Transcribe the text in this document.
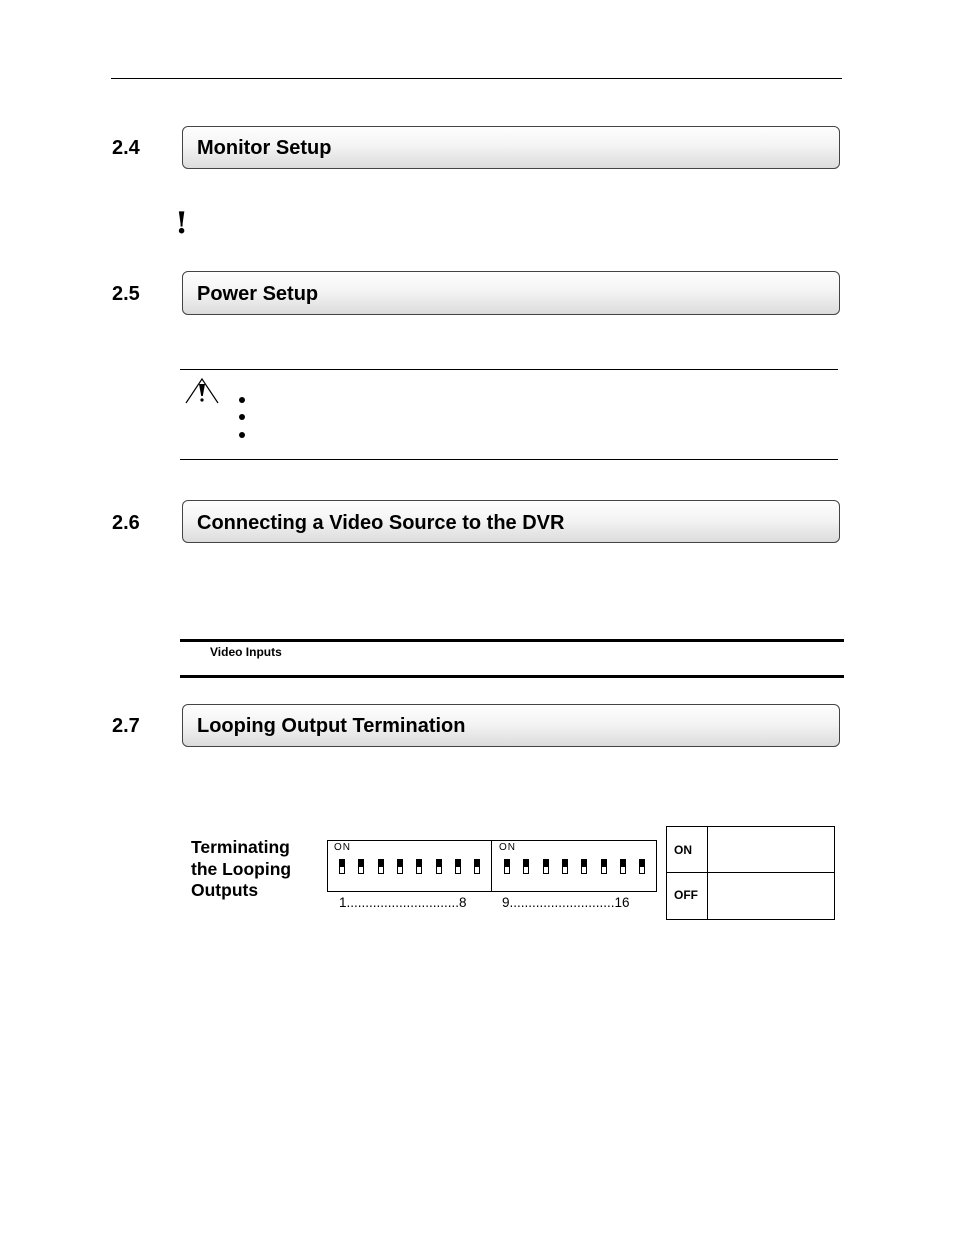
2.4	Monitor Setup
!
2.5	Power Setup
2.6	Connecting a Video Source to the DVR
Video Inputs
2.7	Looping Output Termination
Terminating
the Looping
Outputs
ON	ON
1..............................8	9............................16
ON
OFF
